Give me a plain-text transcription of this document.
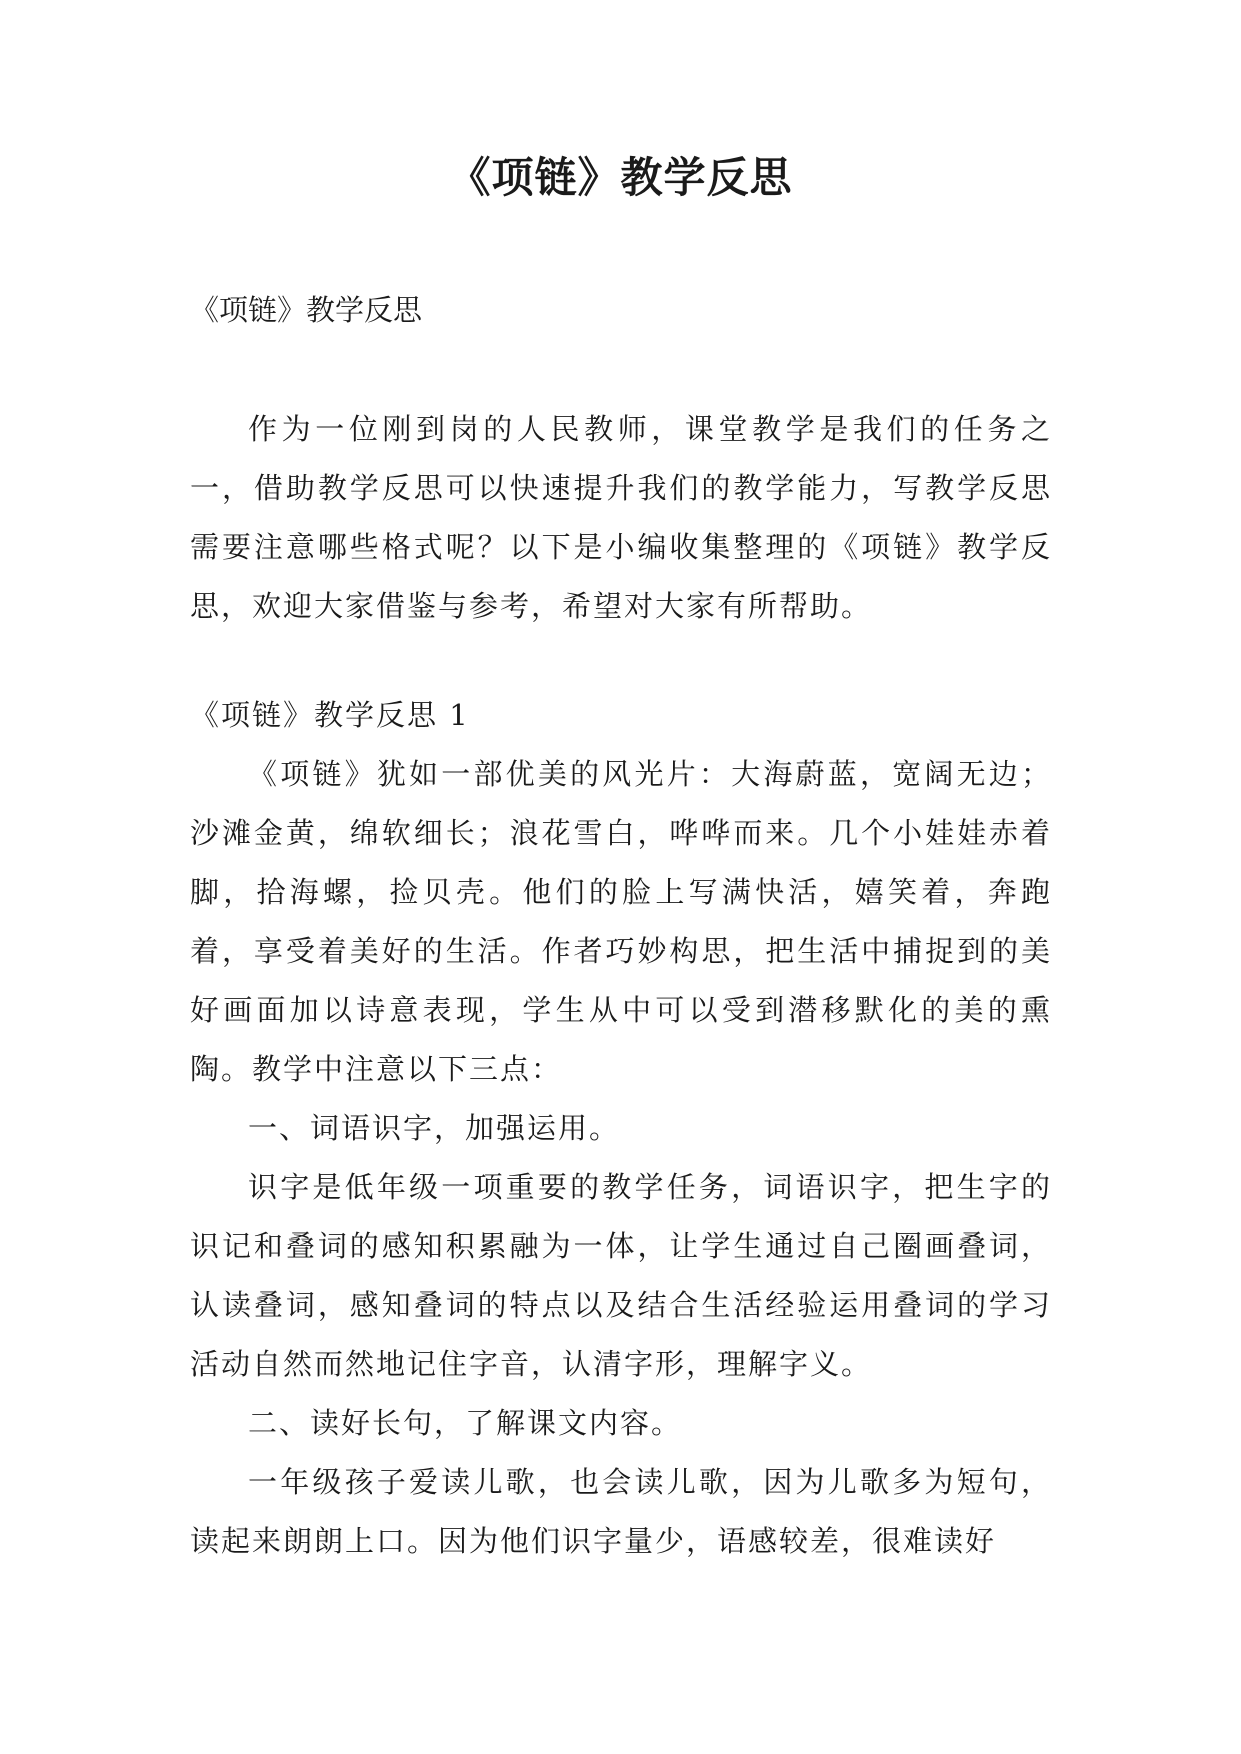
《项链》教学反思
《项链》教学反思

作为一位刚到岗的人民教师，课堂教学是我们的任务之一，借助教学反思可以快速提升我们的教学能力，写教学反思需要注意哪些格式呢？以下是小编收集整理的《项链》教学反思，欢迎大家借鉴与参考，希望对大家有所帮助。

《项链》教学反思 1

《项链》犹如一部优美的风光片：大海蔚蓝，宽阔无边；沙滩金黄，绵软细长；浪花雪白，哗哗而来。几个小娃娃赤着脚，拾海螺，捡贝壳。他们的脸上写满快活，嬉笑着，奔跑着，享受着美好的生活。作者巧妙构思，把生活中捕捉到的美好画面加以诗意表现，学生从中可以受到潜移默化的美的熏陶。教学中注意以下三点：

一、词语识字，加强运用。

识字是低年级一项重要的教学任务，词语识字，把生字的识记和叠词的感知积累融为一体，让学生通过自己圈画叠词，认读叠词，感知叠词的特点以及结合生活经验运用叠词的学习活动自然而然地记住字音，认清字形，理解字义。

二、读好长句，了解课文内容。

一年级孩子爱读儿歌，也会读儿歌，因为儿歌多为短句，读起来朗朗上口。因为他们识字量少，语感较差，很难读好
